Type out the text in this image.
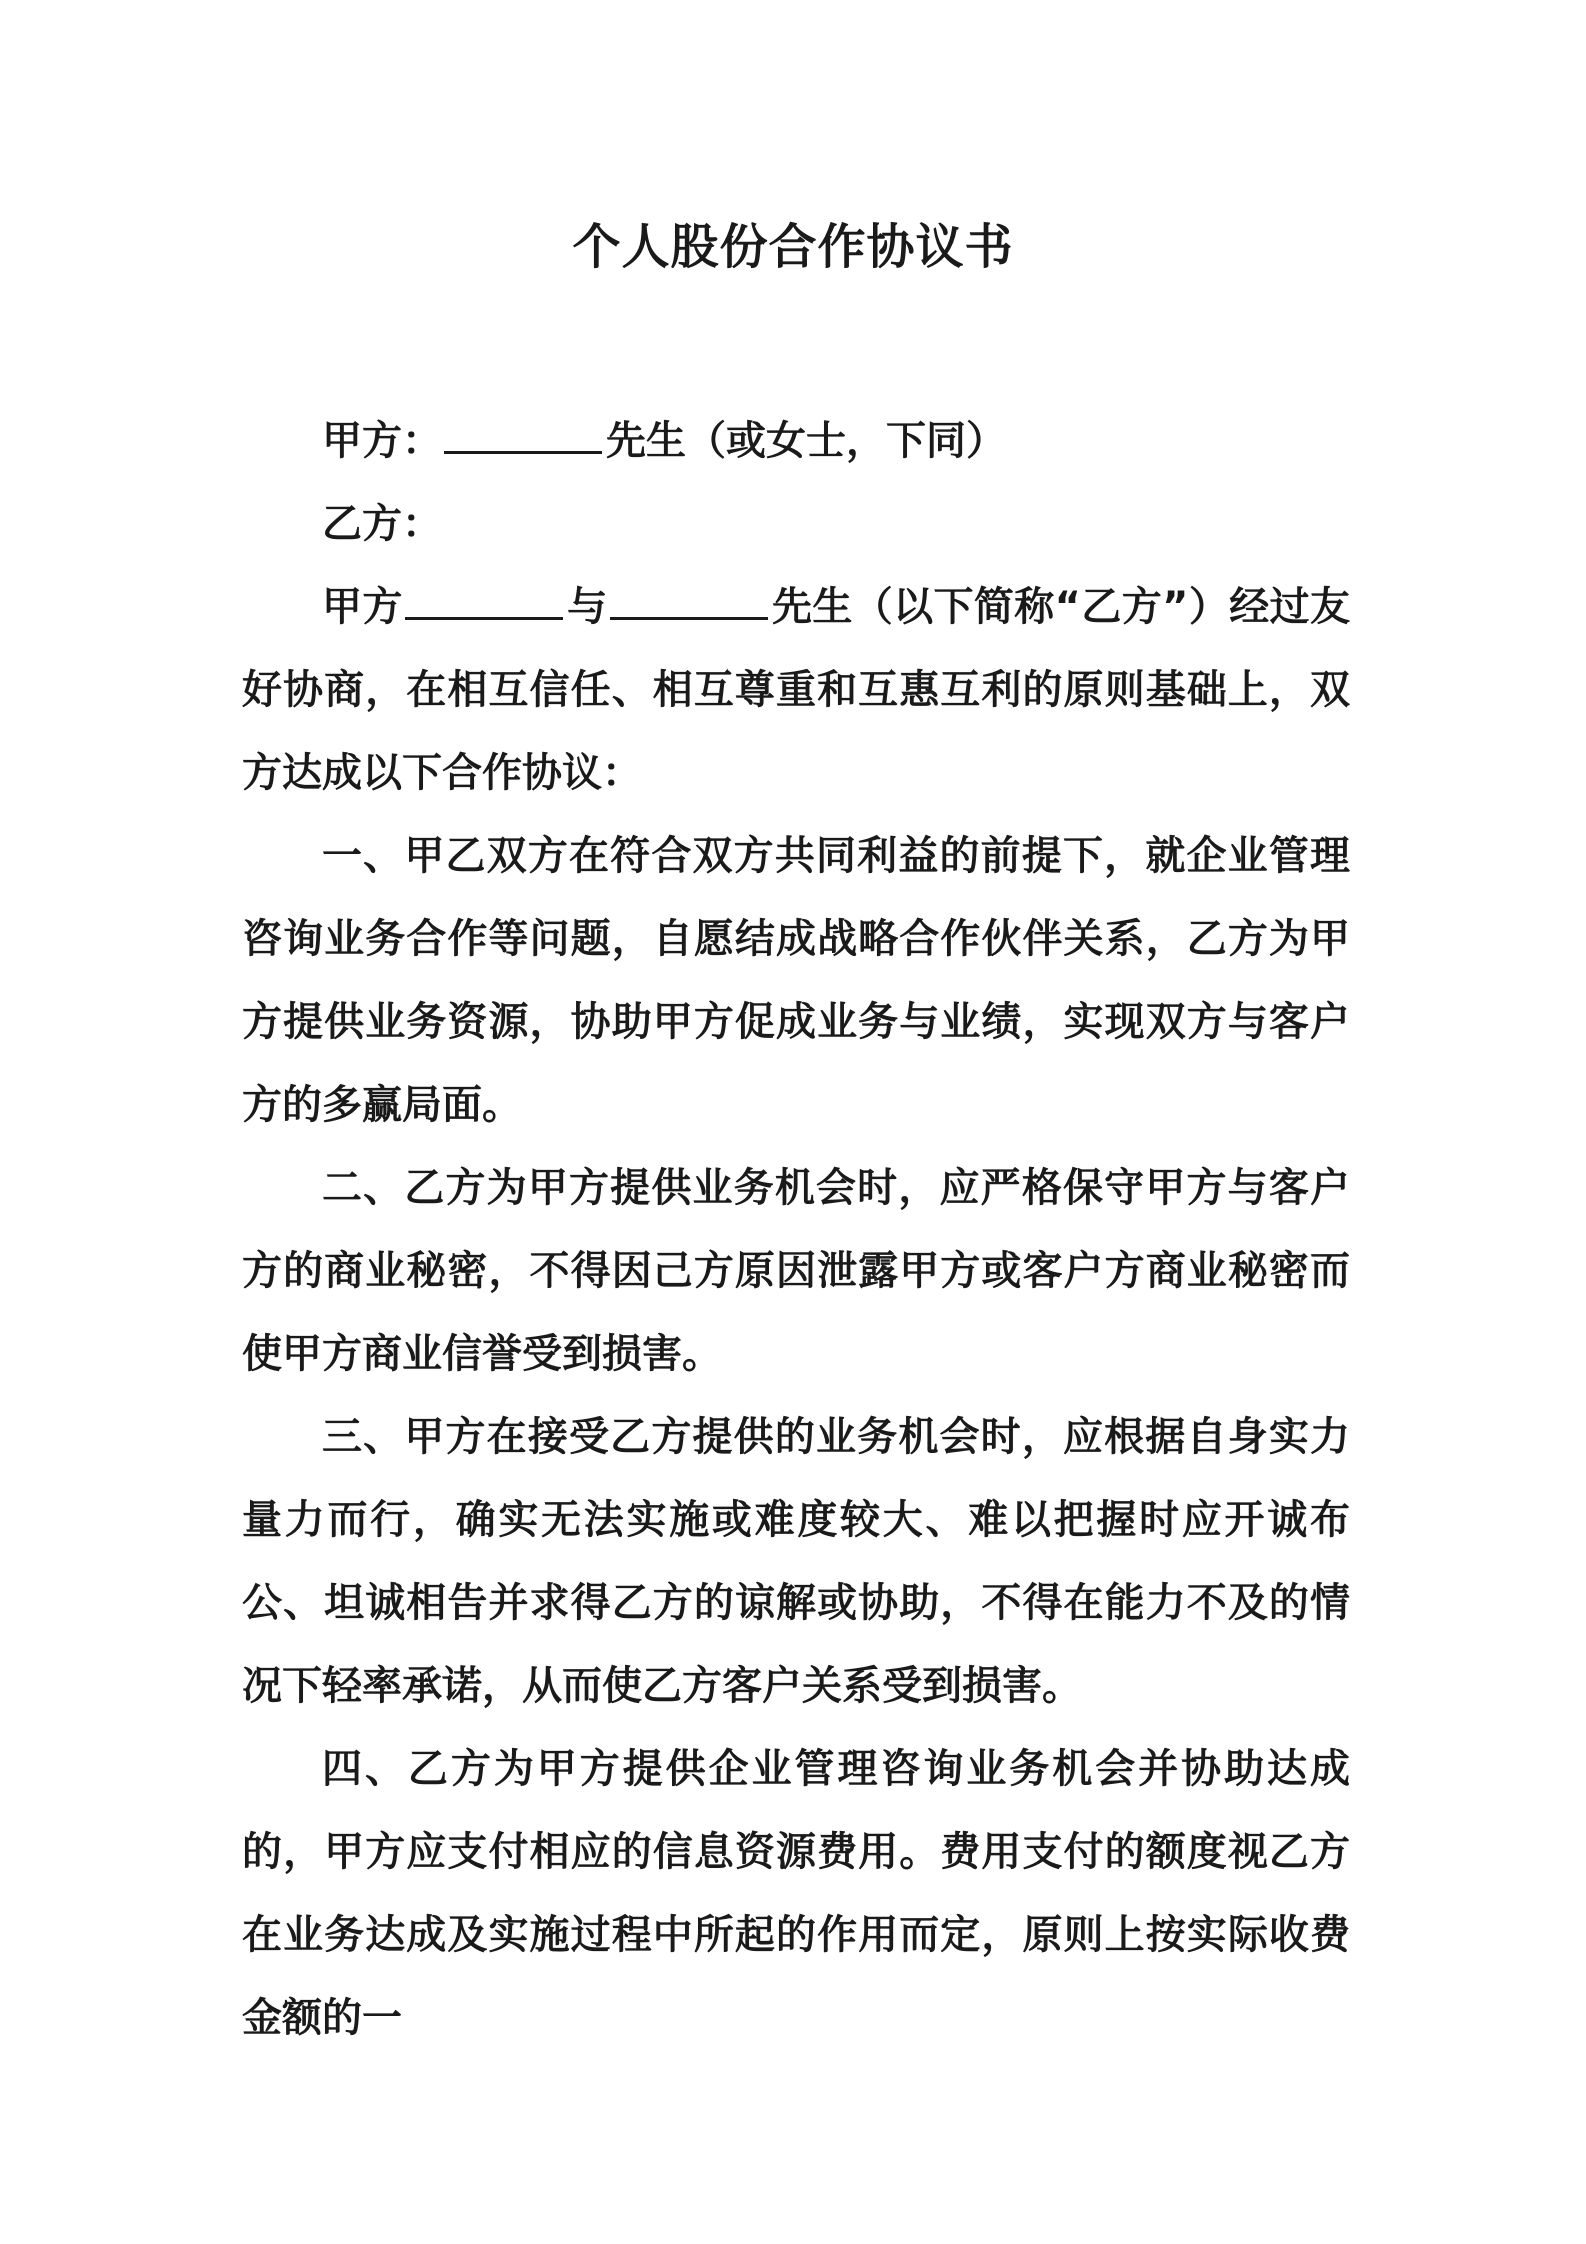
个人股份合作协议书

甲方：	先生（或女士，下同）

乙方：

甲方	与	先生（以下简称“乙方”）经过友好协商，在相互信任、相互尊重和互惠互利的原则基础上，双方达成以下合作协议：

一、甲乙双方在符合双方共同利益的前提下，就企业管理咨询业务合作等问题，自愿结成战略合作伙伴关系，乙方为甲方提供业务资源，协助甲方促成业务与业绩，实现双方与客户方的多赢局面。

二、乙方为甲方提供业务机会时，应严格保守甲方与客户方的商业秘密，不得因己方原因泄露甲方或客户方商业秘密而使甲方商业信誉受到损害。

三、甲方在接受乙方提供的业务机会时，应根据自身实力量力而行，确实无法实施或难度较大、难以把握时应开诚布公、坦诚相告并求得乙方的谅解或协助，不得在能力不及的情况下轻率承诺，从而使乙方客户关系受到损害。

四、乙方为甲方提供企业管理咨询业务机会并协助达成的，甲方应支付相应的信息资源费用。费用支付的额度视乙方在业务达成及实施过程中所起的作用而定，原则上按实际收费金额的一
